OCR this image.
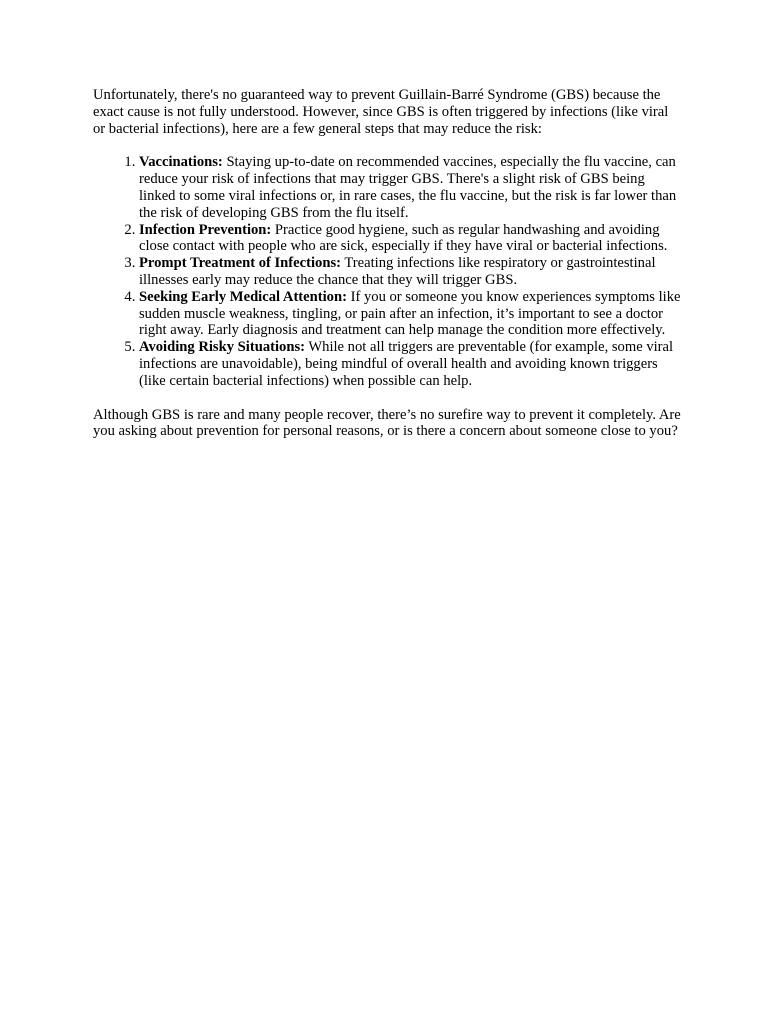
Unfortunately, there's no guaranteed way to prevent Guillain-Barré Syndrome (GBS) because the exact cause is not fully understood. However, since GBS is often triggered by infections (like viral or bacterial infections), here are a few general steps that may reduce the risk:

1. Vaccinations: Staying up-to-date on recommended vaccines, especially the flu vaccine, can reduce your risk of infections that may trigger GBS. There's a slight risk of GBS being linked to some viral infections or, in rare cases, the flu vaccine, but the risk is far lower than the risk of developing GBS from the flu itself.
2. Infection Prevention: Practice good hygiene, such as regular handwashing and avoiding close contact with people who are sick, especially if they have viral or bacterial infections.
3. Prompt Treatment of Infections: Treating infections like respiratory or gastrointestinal illnesses early may reduce the chance that they will trigger GBS.
4. Seeking Early Medical Attention: If you or someone you know experiences symptoms like sudden muscle weakness, tingling, or pain after an infection, it’s important to see a doctor right away. Early diagnosis and treatment can help manage the condition more effectively.
5. Avoiding Risky Situations: While not all triggers are preventable (for example, some viral infections are unavoidable), being mindful of overall health and avoiding known triggers (like certain bacterial infections) when possible can help.

Although GBS is rare and many people recover, there’s no surefire way to prevent it completely. Are you asking about prevention for personal reasons, or is there a concern about someone close to you?
